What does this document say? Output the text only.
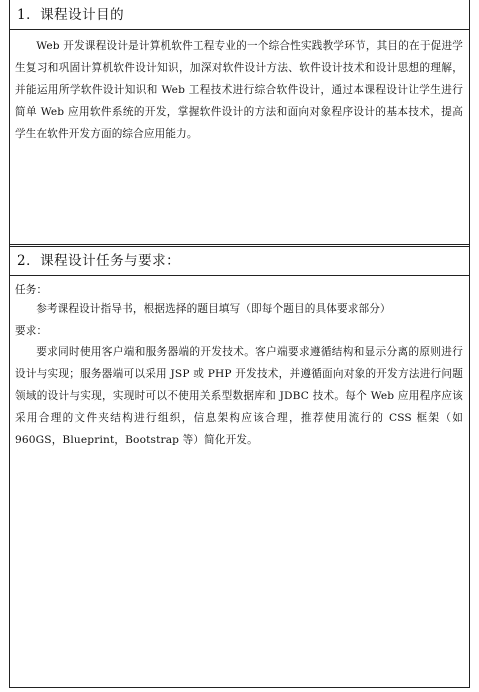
1．课程设计目的
Web 开发课程设计是计算机软件工程专业的一个综合性实践教学环节，其目的在于促进学生复习和巩固计算机软件设计知识，加深对软件设计方法、软件设计技术和设计思想的理解，并能运用所学软件设计知识和 Web 工程技术进行综合软件设计，通过本课程设计让学生进行简单 Web 应用软件系统的开发，掌握软件设计的方法和面向对象程序设计的基本技术，提高学生在软件开发方面的综合应用能力。
2．课程设计任务与要求：
任务：
参考课程设计指导书，根据选择的题目填写（即每个题目的具体要求部分）
要求：
要求同时使用客户端和服务器端的开发技术。客户端要求遵循结构和显示分离的原则进行设计与实现；服务器端可以采用 JSP 或 PHP 开发技术，并遵循面向对象的开发方法进行问题领域的设计与实现，实现时可以不使用关系型数据库和 JDBC 技术。每个 Web 应用程序应该采用合理的文件夹结构进行组织，信息架构应该合理，推荐使用流行的 CSS 框架（如 960GS，Blueprint，Bootstrap 等）简化开发。
